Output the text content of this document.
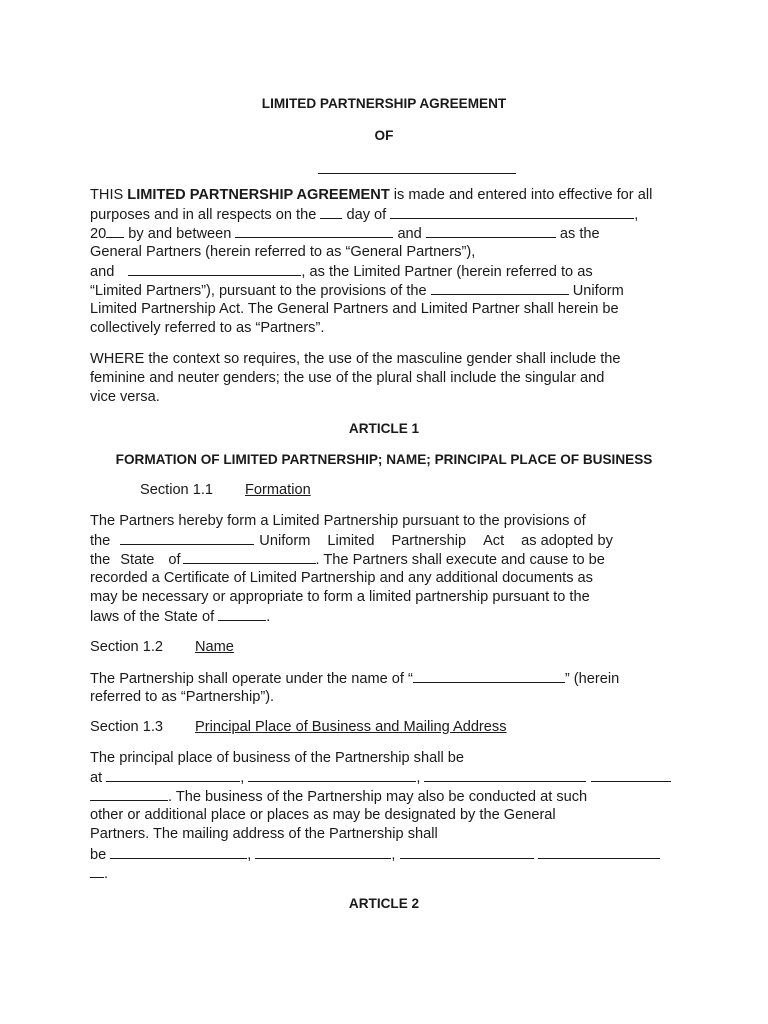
LIMITED PARTNERSHIP AGREEMENT
OF
THIS LIMITED PARTNERSHIP AGREEMENT is made and entered into effective for all
purposes and in all respects on the  day of	,
20 by and between	and	as the
General Partners (herein referred to as “General Partners”),
and	, as the Limited Partner (herein referred to as
“Limited Partners”), pursuant to the provisions of the	Uniform
Limited Partnership Act. The General Partners and Limited Partner shall herein be
collectively referred to as “Partners”.
WHERE the context so requires, the use of the masculine gender shall include the
feminine and neuter genders; the use of the plural shall include the singular and
vice versa.
ARTICLE 1
FORMATION OF LIMITED PARTNERSHIP; NAME; PRINCIPAL PLACE OF BUSINESS
Section 1.1 Formation
The Partners hereby form a Limited Partnership pursuant to the provisions of
the	Uniform Limited Partnership Act as adopted by
the State of	. The Partners shall execute and cause to be
recorded a Certificate of Limited Partnership and any additional documents as
may be necessary or appropriate to form a limited partnership pursuant to the
laws of the State of	.
Section 1.2 Name
The Partnership shall operate under the name of “	” (herein
referred to as “Partnership”).
Section 1.3 Principal Place of Business and Mailing Address
The principal place of business of the Partnership shall be
at	,	,
. The business of the Partnership may also be conducted at such
other or additional place or places as may be designated by the General
Partners. The mailing address of the Partnership shall
be	,	,
.
ARTICLE 2
